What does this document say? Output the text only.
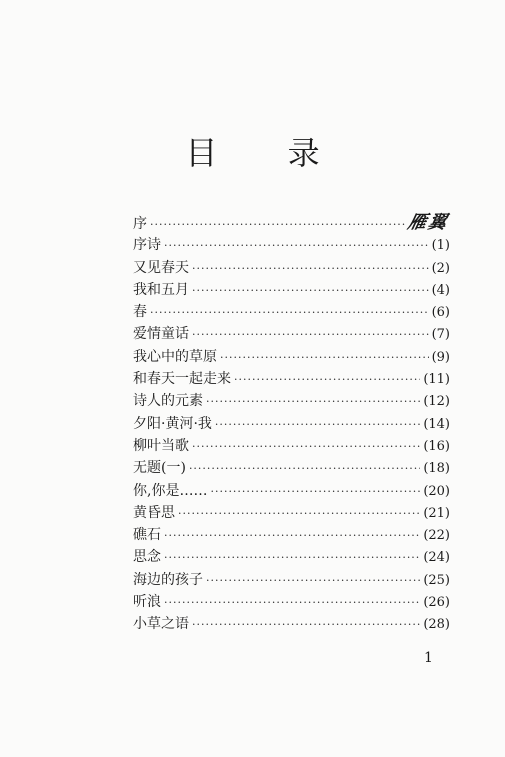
目 录
序 ·····	雁翼
序诗 ·····	(1)
又见春天 ·····	(2)
我和五月 ·····	(4)
春 ·····	(6)
爱情童话 ·····	(7)
我心中的草原 ·····	(9)
和春天一起走来 ·····	(11)
诗人的元素 ·····	(12)
夕阳·黄河·我 ·····	(14)
柳叶当歌 ·····	(16)
无题(一) ·····	(18)
你,你是…… ·····	(20)
黄昏思 ·····	(21)
礁石 ·····	(22)
思念 ·····	(24)
海边的孩子 ·····	(25)
听浪 ·····	(26)
小草之语 ·····	(28)
1
